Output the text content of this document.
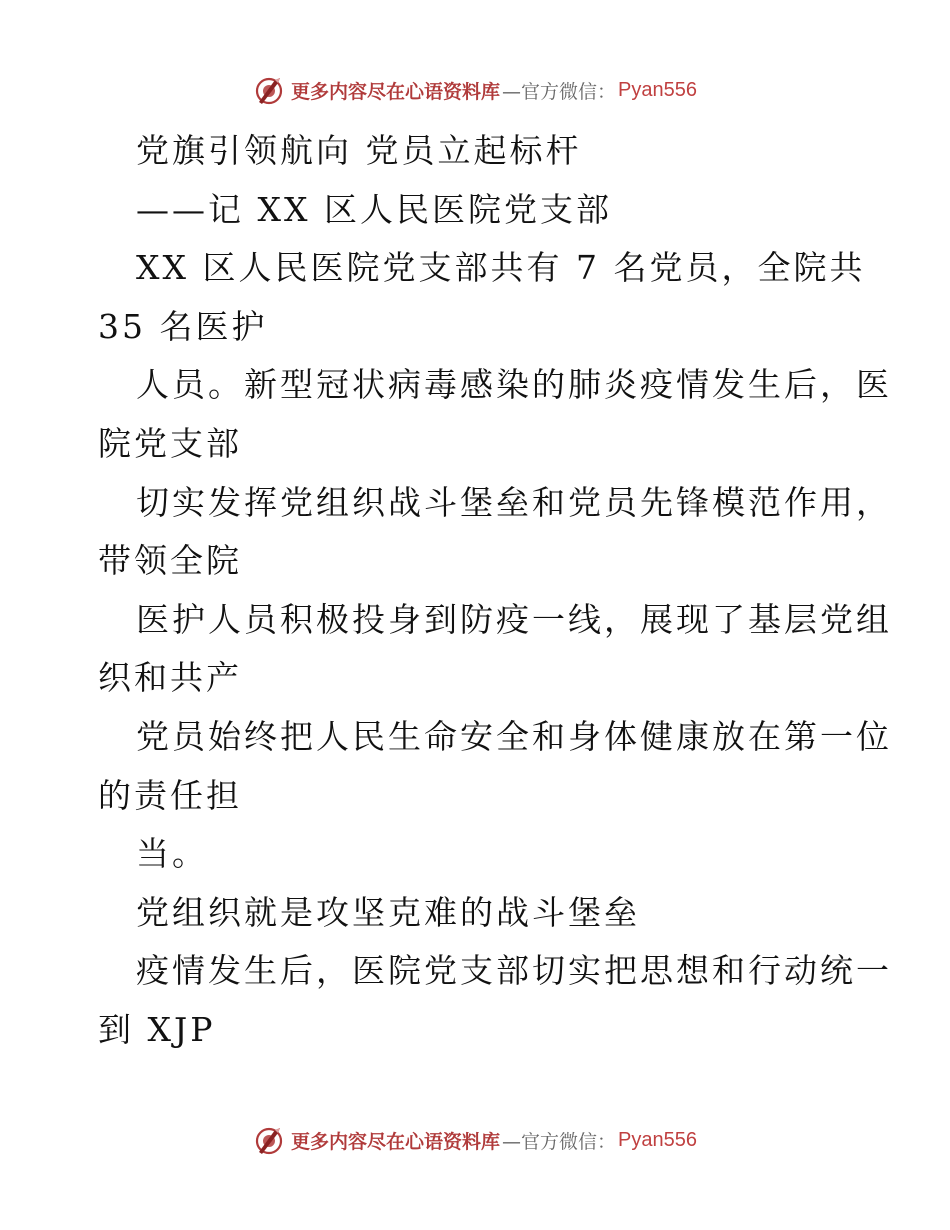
更多内容尽在心语资料库 —官方微信： Pyan556
党旗引领航向 党员立起标杆
——记 XX 区人民医院党支部
XX 区人民医院党支部共有 7 名党员，全院共
35 名医护
人员。新型冠状病毒感染的肺炎疫情发生后，医
院党支部
切实发挥党组织战斗堡垒和党员先锋模范作用，
带领全院
医护人员积极投身到防疫一线，展现了基层党组
织和共产
党员始终把人民生命安全和身体健康放在第一位
的责任担
当。
党组织就是攻坚克难的战斗堡垒
疫情发生后，医院党支部切实把思想和行动统一
到 XJP
更多内容尽在心语资料库 —官方微信： Pyan556
